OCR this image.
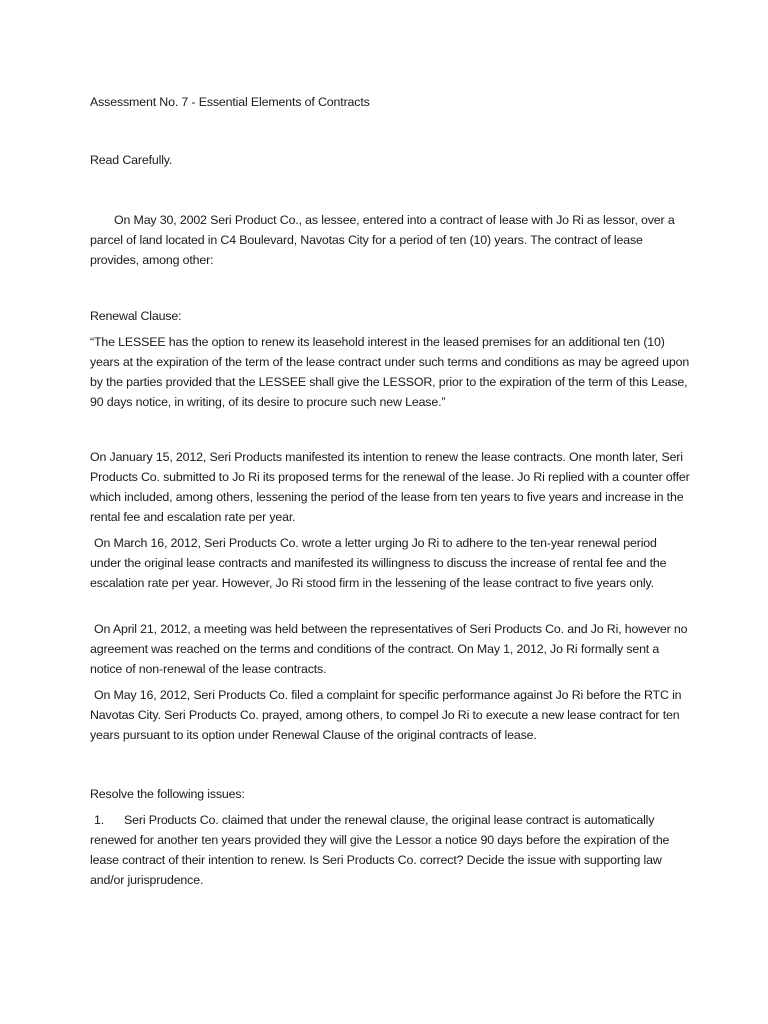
Assessment No. 7 - Essential Elements of Contracts

Read Carefully.

On May 30, 2002 Seri Product Co., as lessee, entered into a contract of lease with Jo Ri as lessor, over a parcel of land located in C4 Boulevard, Navotas City for a period of ten (10) years. The contract of lease provides, among other:

Renewal Clause:

“The LESSEE has the option to renew its leasehold interest in the leased premises for an additional ten (10) years at the expiration of the term of the lease contract under such terms and conditions as may be agreed upon by the parties provided that the LESSEE shall give the LESSOR, prior to the expiration of the term of this Lease, 90 days notice, in writing, of its desire to procure such new Lease.”

On January 15, 2012, Seri Products manifested its intention to renew the lease contracts. One month later, Seri Products Co. submitted to Jo Ri its proposed terms for the renewal of the lease. Jo Ri replied with a counter offer which included, among others, lessening the period of the lease from ten years to five years and increase in the rental fee and escalation rate per year.

On March 16, 2012, Seri Products Co. wrote a letter urging Jo Ri to adhere to the ten-year renewal period under the original lease contracts and manifested its willingness to discuss the increase of rental fee and the escalation rate per year. However, Jo Ri stood firm in the lessening of the lease contract to five years only.

On April 21, 2012, a meeting was held between the representatives of Seri Products Co. and Jo Ri, however no agreement was reached on the terms and conditions of the contract. On May 1, 2012, Jo Ri formally sent a notice of non-renewal of the lease contracts.

On May 16, 2012, Seri Products Co. filed a complaint for specific performance against Jo Ri before the RTC in Navotas City. Seri Products Co. prayed, among others, to compel Jo Ri to execute a new lease contract for ten years pursuant to its option under Renewal Clause of the original contracts of lease.

Resolve the following issues:

1. Seri Products Co. claimed that under the renewal clause, the original lease contract is automatically renewed for another ten years provided they will give the Lessor a notice 90 days before the expiration of the lease contract of their intention to renew. Is Seri Products Co. correct? Decide the issue with supporting law and/or jurisprudence.
